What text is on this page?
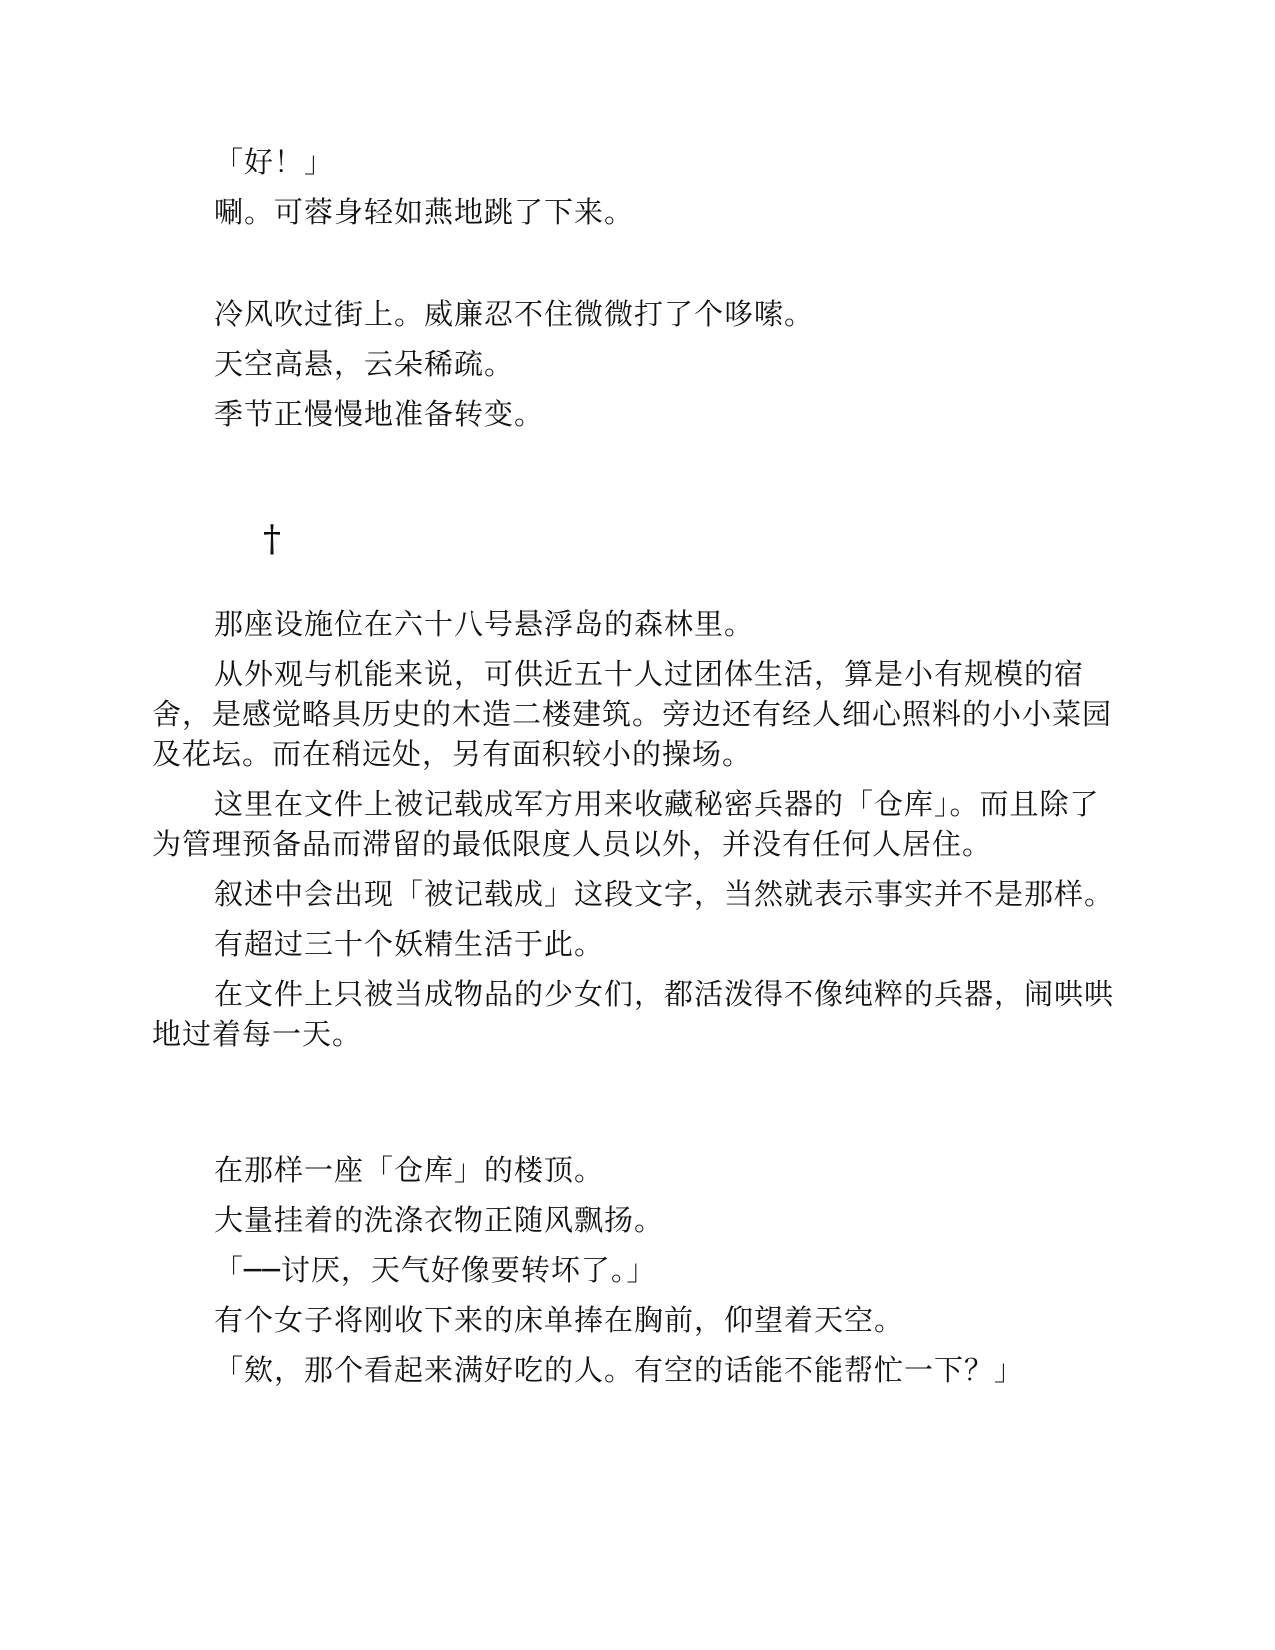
「好！」

唰。可蓉身轻如燕地跳了下来。

冷风吹过街上。威廉忍不住微微打了个哆嗦。

天空高悬，云朵稀疏。

季节正慢慢地准备转变。

†

那座设施位在六十八号悬浮岛的森林里。

从外观与机能来说，可供近五十人过团体生活，算是小有规模的宿舍，是感觉略具历史的木造二楼建筑。旁边还有经人细心照料的小小菜园及花坛。而在稍远处，另有面积较小的操场。

这里在文件上被记载成军方用来收藏秘密兵器的「仓库」。而且除了为管理预备品而滞留的最低限度人员以外，并没有任何人居住。

叙述中会出现「被记载成」这段文字，当然就表示事实并不是那样。

有超过三十个妖精生活于此。

在文件上只被当成物品的少女们，都活泼得不像纯粹的兵器，闹哄哄地过着每一天。

在那样一座「仓库」的楼顶。

大量挂着的洗涤衣物正随风飘扬。

「──讨厌，天气好像要转坏了。」

有个女子将刚收下来的床单捧在胸前，仰望着天空。

「欸，那个看起来满好吃的人。有空的话能不能帮忙一下？」
